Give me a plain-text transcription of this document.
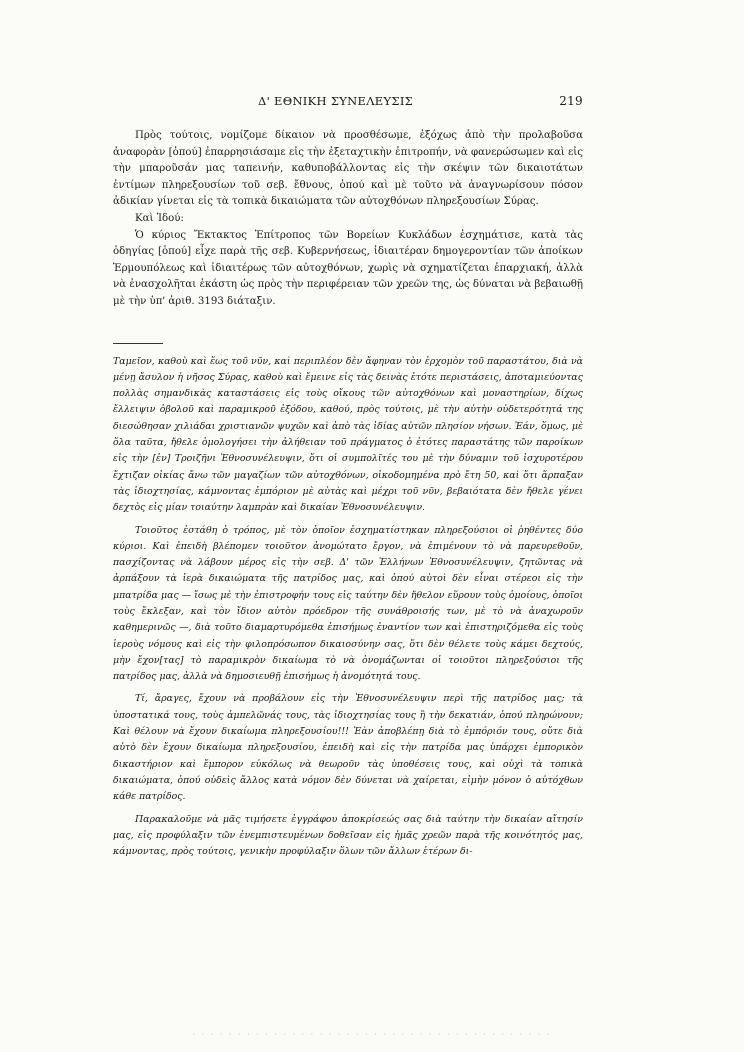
Δ' ΕΘΝΙΚΗ ΣΥΝΕΛΕΥΣΙΣ	219

Πρὸς τούτοις, νομίζομε δίκαιον νὰ προσθέσωμε, ἐξόχως ἀπὸ τὴν προλαβοῦσα ἀναφορὰν [ὁπού] ἐπαρρησιάσαμε εἰς τὴν ἐξεταχτικὴν ἐπιτροπήν, νὰ φανερώσωμεν καὶ εἰς τὴν μπαροῦσάν μας ταπεινήν, καθυποβάλλοντας εἰς τὴν σκέψιν τῶν δικαιοτάτων ἐντίμων πληρεξουσίων τοῦ σεβ. ἔθνους, ὁπού καὶ μὲ τοῦτο νὰ ἀναγνωρίσουν πόσον ἀδικίαν γίνεται εἰς τὰ τοπικὰ δικαιώματα τῶν αὐτοχθόνων πληρεξουσίων Σύρας.

Καὶ Ἰδού:

Ὁ κύριος Ἔκτακτος Ἐπίτροπος τῶν Βορείων Κυκλάδων ἐσχημάτισε, κατὰ τὰς ὁδηγίας [ὁπού] εἶχε παρὰ τῆς σεβ. Κυβερνήσεως, ἰδιαιτέραν δημογεροντίαν τῶν ἀποίκων Ἑρμουπόλεως καὶ ἰδιαιτέρως τῶν αὐτοχθόνων, χωρὶς νὰ σχηματίζεται ἐπαρχιακή, ἀλλὰ νὰ ἐνασχολῆται ἑκάστη ὡς πρὸς τὴν περιφέρειαν τῶν χρεῶν της, ὡς δύναται νὰ βεβαιωθῇ μὲ τὴν ὑπ' ἀριθ. 3193 διάταξιν.

Ταμεῖον, καθοὺ καὶ ἕως τοῦ νῦν, καὶ περιπλέον δὲν ἄφηναν τὸν ἐρχομὸν τοῦ παραστάτου, διὰ νὰ μένῃ ἄσυλον ἡ νῆσος Σύρας, καθοὺ καὶ ἔμεινε εἰς τὰς δεινὰς ἐτότε περιστάσεις, ἀποταμιεύοντας πολλὰς σημανδικὰς καταστάσεις εἰς τοὺς οἴκους τῶν αὐτοχθόνων καὶ μοναστηρίων, δίχως ἔλλειψιν ὀβολοῦ καὶ παραμικροῦ ἐξόδου, καθού, πρὸς τούτοις, μὲ τὴν αὐτὴν οὐδετερότητά της διεσώθησαν χιλιάδαι χριστιανῶν ψυχῶν καὶ ἀπὸ τὰς ἰδίας αὐτῶν πλησίον νήσων. Ἐάν, ὅμως, μὲ ὅλα ταῦτα, ἤθελε ὁμολογήσει τὴν ἀλήθειαν τοῦ πράγματος ὁ ἐτότες παραστάτης τῶν παροίκων εἰς τὴν [ἐν] Τροιζῆνι Ἐθνοσυνέλευψιν, ὅτι οἱ συμπολῖτές του μὲ τὴν δύναμιν τοῦ ἰσχυροτέρου ἔχτιζαν οἰκίας ἄνω τῶν μαγαζίων τῶν αὐτοχθόνων, οἰκοδομημένα πρὸ ἔτη 50, καὶ ὅτι ἅρπαξαν τὰς ἰδιοχτησίας, κάμνοντας ἐμπόριον μὲ αὐτὰς καὶ μέχρι τοῦ νῦν, βεβαιότατα δὲν ἤθελε γένει δεχτὸς εἰς μίαν τοιαύτην λαμπρὰν καὶ δικαίαν Ἐθνοσυνέλευψιν.

Τοιοῦτος ἐστάθη ὁ τρόπος, μὲ τὸν ὁποῖον ἐσχηματίστηκαν πληρεξούσιοι οἱ ῥηθέντες δύο κύριοι. Καὶ ἐπειδὴ βλέπομεν τοιοῦτον ἀνομώτατο ἔργον, νὰ ἐπιμένουν τὸ νὰ παρευρεθοῦν, πασχίζοντας νὰ λάβουν μέρος εἰς τὴν σεβ. Δ' τῶν Ἑλλήνων Ἐθνοσυνέλευψιν, ζητῶντας νὰ ἁρπάξουν τὰ ἱερὰ δικαιώματα τῆς πατρίδος μας, καὶ ὁπού αὐτοὶ δὲν εἶναι στέρεοι εἰς τὴν μπατρίδα μας — ἴσως μὲ τὴν ἐπιστροφήν τους εἰς ταύτην δὲν ἤθελον εὕρουν τοὺς ὁμοίους, ὁποῖοι τοὺς ἔκλεξαν, καὶ τὸν ἴδιον αὐτὸν πρόεδρον τῆς συνάθροισής των, μὲ τὸ νὰ ἀναχωροῦν καθημερινῶς —, διὰ τοῦτο διαμαρτυρόμεθα ἐπισήμως ἐναντίον των καὶ ἐπιστηριζόμεθα εἰς τοὺς ἱεροὺς νόμους καὶ εἰς τὴν φιλοπρόσωπον δικαιοσύνην σας, ὅτι δὲν θέλετε τοὺς κάμει δεχτούς, μὴν ἔχον[τας] τὸ παραμικρὸν δικαίωμα τὸ νὰ ὀνομάζωνται οἱ τοιοῦτοι πληρεξούσιοι τῆς πατρίδος μας, ἀλλὰ νὰ δημοσιευθῇ ἐπισήμως ἡ ἀνομότητά τους.

Τί, ἄραγες, ἔχουν νὰ προβάλουν εἰς τὴν Ἐθνοσυνέλευψιν περὶ τῆς πατρίδος μας; τὰ ὑποστατικά τους, τοὺς ἀμπελῶνάς τους, τὰς ἰδιοχτησίας τους ἢ τὴν δεκατιάν, ὁπού πληρώνουν; Καὶ θέλουν νὰ ἔχουν δικαίωμα πληρεξουσίου!!! Ἐὰν ἀποβλέπῃ διὰ τὸ ἐμπόριόν τους, οὔτε διὰ αὐτὸ δὲν ἔχουν δικαίωμα πληρεξουσίου, ἐπειδὴ καὶ εἰς τὴν πατρίδα μας ὑπάρχει ἐμπορικὸν δικαστήριον καὶ ἔμπορον εὐκόλως νὰ θεωροῦν τὰς ὑποθέσεις τους, καὶ οὐχὶ τὰ τοπικὰ δικαιώματα, ὁπού οὐδεὶς ἄλλος κατὰ νόμον δὲν δύνεται νὰ χαίρεται, εἰμὴν μόνον ὁ αὐτόχθων κάθε πατρίδος.

Παρακαλοῦμε νὰ μᾶς τιμήσετε ἐγγράφου ἀποκρίσεώς σας διὰ ταύτην τὴν δικαίαν αἴτησίν μας, εἰς προφύλαξιν τῶν ἐνεμπιστευμένων δοθεῖσαν εἰς ἡμᾶς χρεῶν παρὰ τῆς κοινότητός μας, κάμνοντας, πρὸς τούτοις, γενικὴν προφύλαξιν ὅλων τῶν ἄλλων ἑτέρων δι-

· · · · · · · · · · · · · · · · · · · · · · · · · · · · · · · · · · · · · · · ·
